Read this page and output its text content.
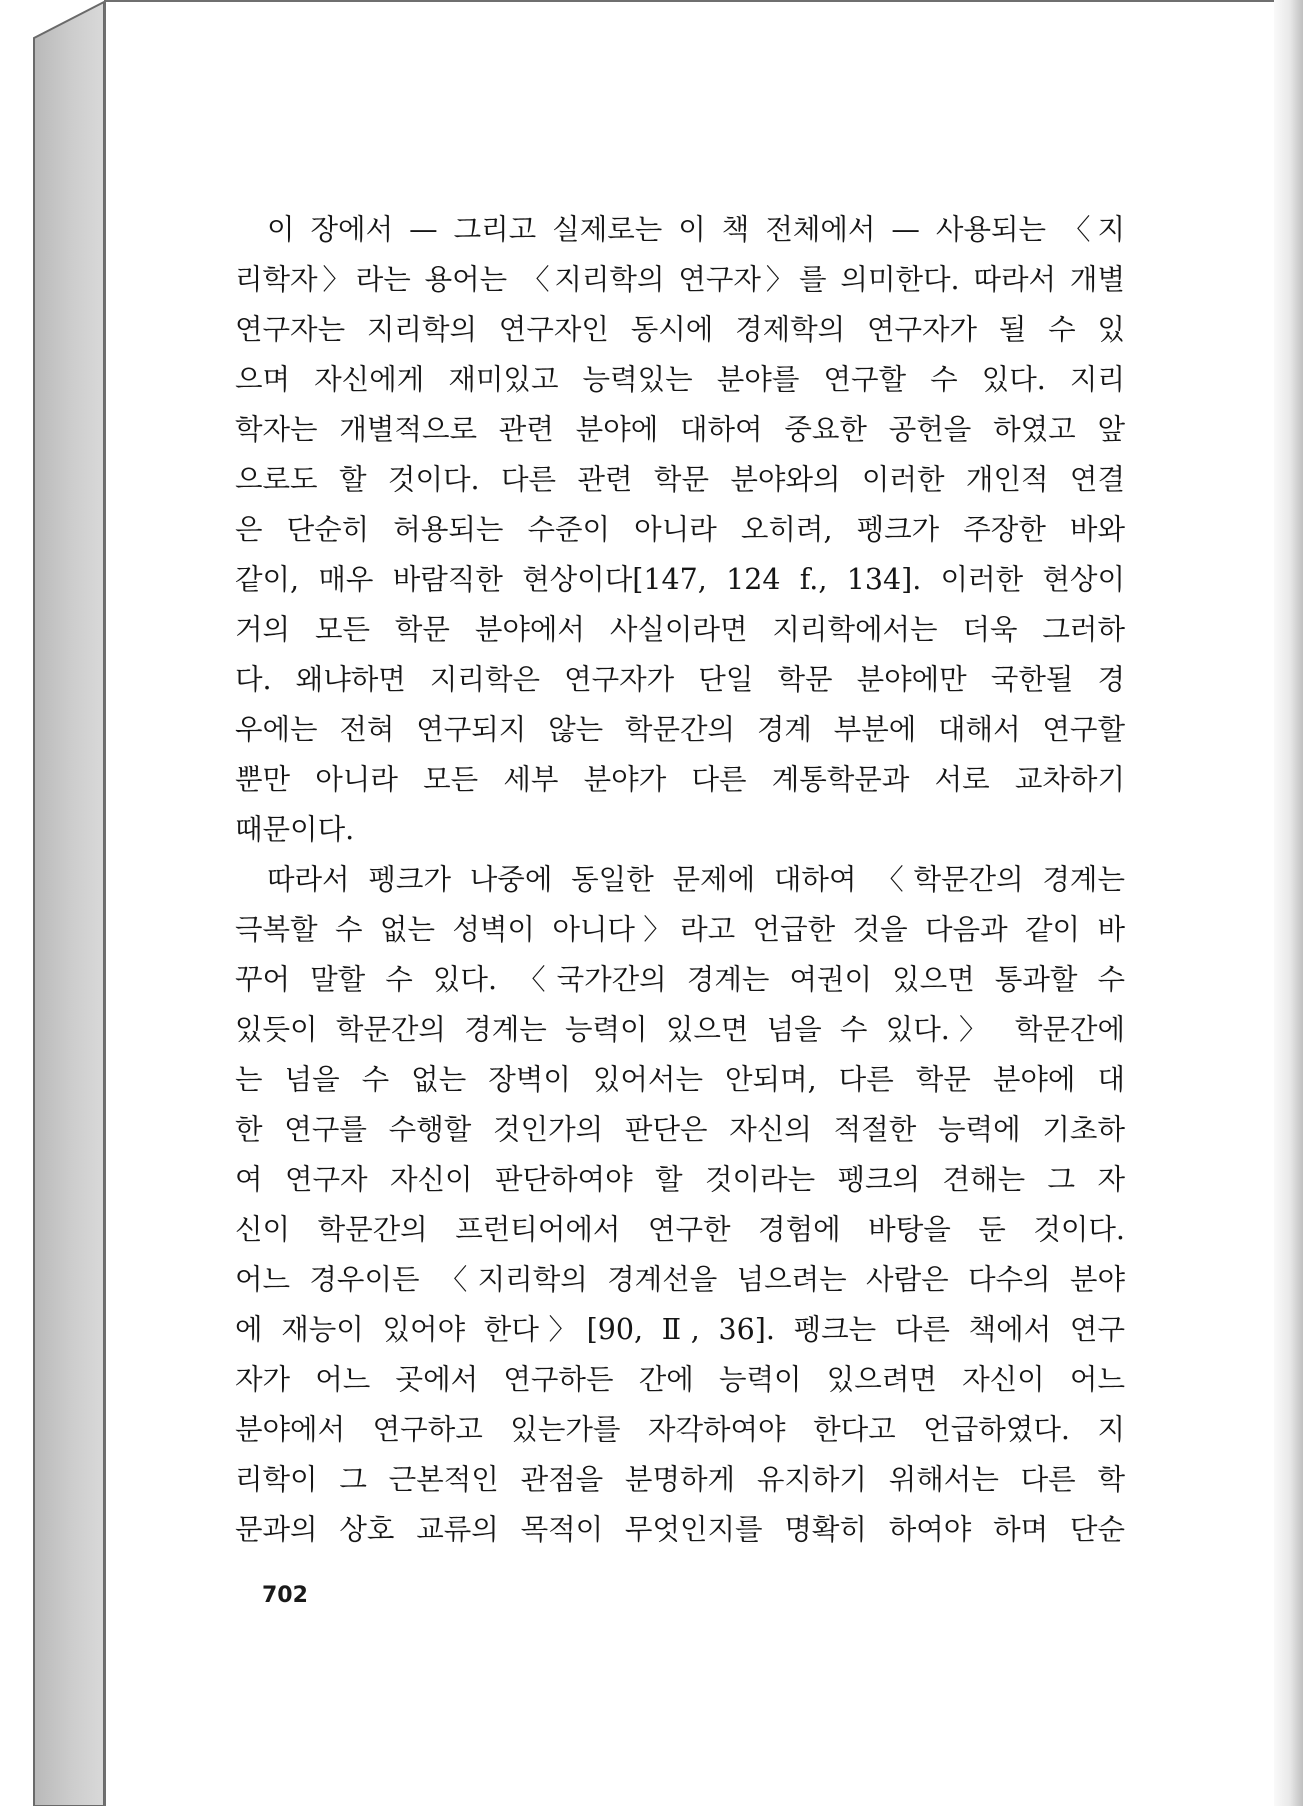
이 장에서 — 그리고 실제로는 이 책 전체에서 — 사용되는 〈지
리학자〉라는 용어는 〈지리학의 연구자〉를 의미한다. 따라서 개별
연구자는 지리학의 연구자인 동시에 경제학의 연구자가 될 수 있
으며 자신에게 재미있고 능력있는 분야를 연구할 수 있다. 지리
학자는 개별적으로 관련 분야에 대하여 중요한 공헌을 하였고 앞
으로도 할 것이다. 다른 관련 학문 분야와의 이러한 개인적 연결
은 단순히 허용되는 수준이 아니라 오히려, 펭크가 주장한 바와
같이, 매우 바람직한 현상이다[147, 124 f., 134]. 이러한 현상이
거의 모든 학문 분야에서 사실이라면 지리학에서는 더욱 그러하
다. 왜냐하면 지리학은 연구자가 단일 학문 분야에만 국한될 경
우에는 전혀 연구되지 않는 학문간의 경계 부분에 대해서 연구할
뿐만 아니라 모든 세부 분야가 다른 계통학문과 서로 교차하기
때문이다.
따라서 펭크가 나중에 동일한 문제에 대하여 〈학문간의 경계는
극복할 수 없는 성벽이 아니다〉라고 언급한 것을 다음과 같이 바
꾸어 말할 수 있다. 〈국가간의 경계는 여권이 있으면 통과할 수
있듯이 학문간의 경계는 능력이 있으면 넘을 수 있다.〉 학문간에
는 넘을 수 없는 장벽이 있어서는 안되며, 다른 학문 분야에 대
한 연구를 수행할 것인가의 판단은 자신의 적절한 능력에 기초하
여 연구자 자신이 판단하여야 할 것이라는 펭크의 견해는 그 자
신이 학문간의 프런티어에서 연구한 경험에 바탕을 둔 것이다.
어느 경우이든 〈지리학의 경계선을 넘으려는 사람은 다수의 분야
에 재능이 있어야 한다〉[90, Ⅱ, 36]. 펭크는 다른 책에서 연구
자가 어느 곳에서 연구하든 간에 능력이 있으려면 자신이 어느
분야에서 연구하고 있는가를 자각하여야 한다고 언급하였다. 지
리학이 그 근본적인 관점을 분명하게 유지하기 위해서는 다른 학
문과의 상호 교류의 목적이 무엇인지를 명확히 하여야 하며 단순
702
